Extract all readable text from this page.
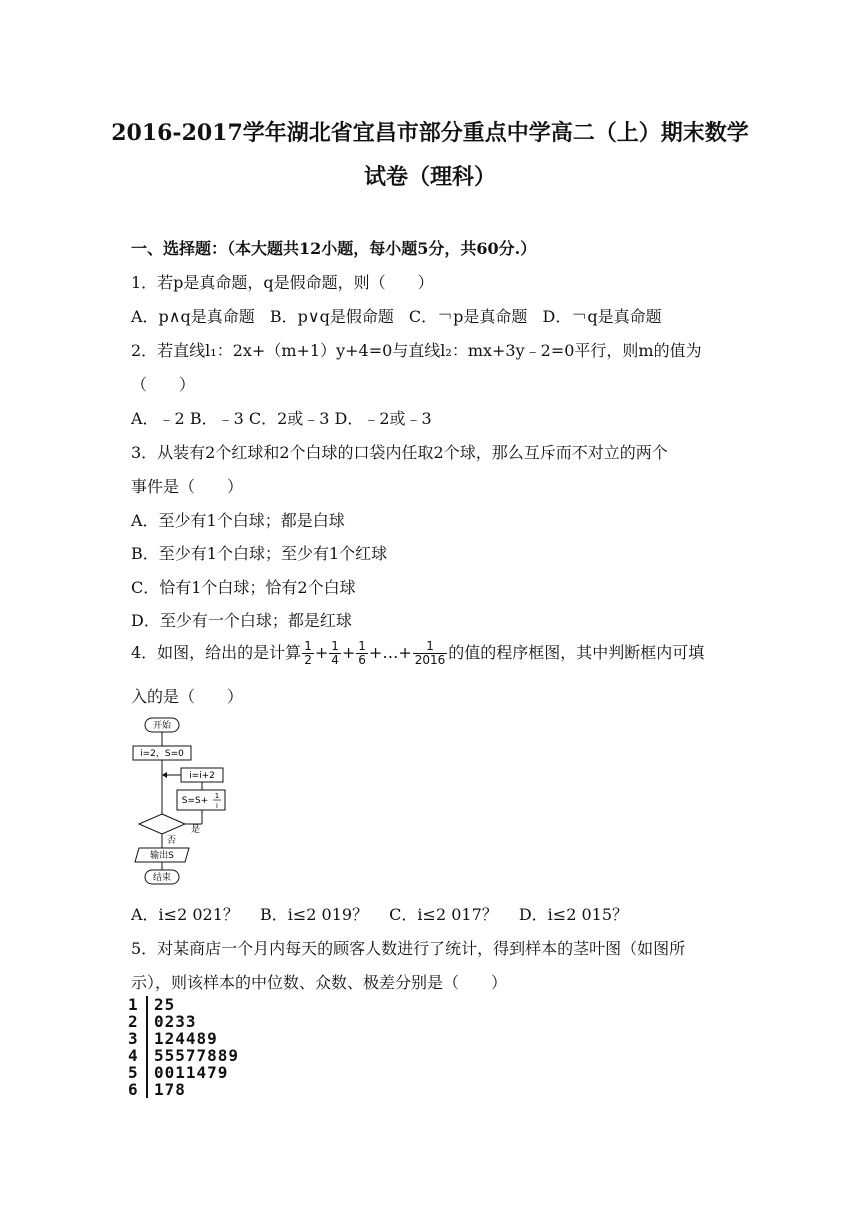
2016-2017学年湖北省宜昌市部分重点中学高二（上）期末数学
试卷（理科）
一、选择题：（本大题共12小题，每小题5分，共60分.）
1．若p是真命题，q是假命题，则（　　）
A．p∧q是真命题 B．p∨q是假命题 C．￢p是真命题 D．￢q是真命题
2．若直线l₁：2x+（m+1）y+4=0与直线l₂：mx+3y﹣2=0平行，则m的值为
（　　）
A．﹣2 B．﹣3 C．2或﹣3 D．﹣2或﹣3
3．从装有2个红球和2个白球的口袋内任取2个球，那么互斥而不对立的两个
事件是（　　）
A．至少有1个白球；都是白球
B．至少有1个白球；至少有1个红球
C．恰有1个白球；恰有2个白球
D．至少有一个白球；都是红球
4．如图，给出的是计算 $\frac{1}{2} + \frac{1}{4} + \frac{1}{6}$ +…+ $\frac{1}{2016}$ 的值的程序框图，其中判断框内可填
入的是（　　）
开始
i=2，S=0
i=i+2
S=S+ 1
i
是
否
输出S
结束
A．i≤2 021？ B．i≤2 019？ C．i≤2 017？ D．i≤2 015？
5．对某商店一个月内每天的顾客人数进行了统计，得到样本的茎叶图（如图所
示），则该样本的中位数、众数、极差分别是（　　）
1	25
2	0233
3	124489
4	55577889
5	0011479
6	178
